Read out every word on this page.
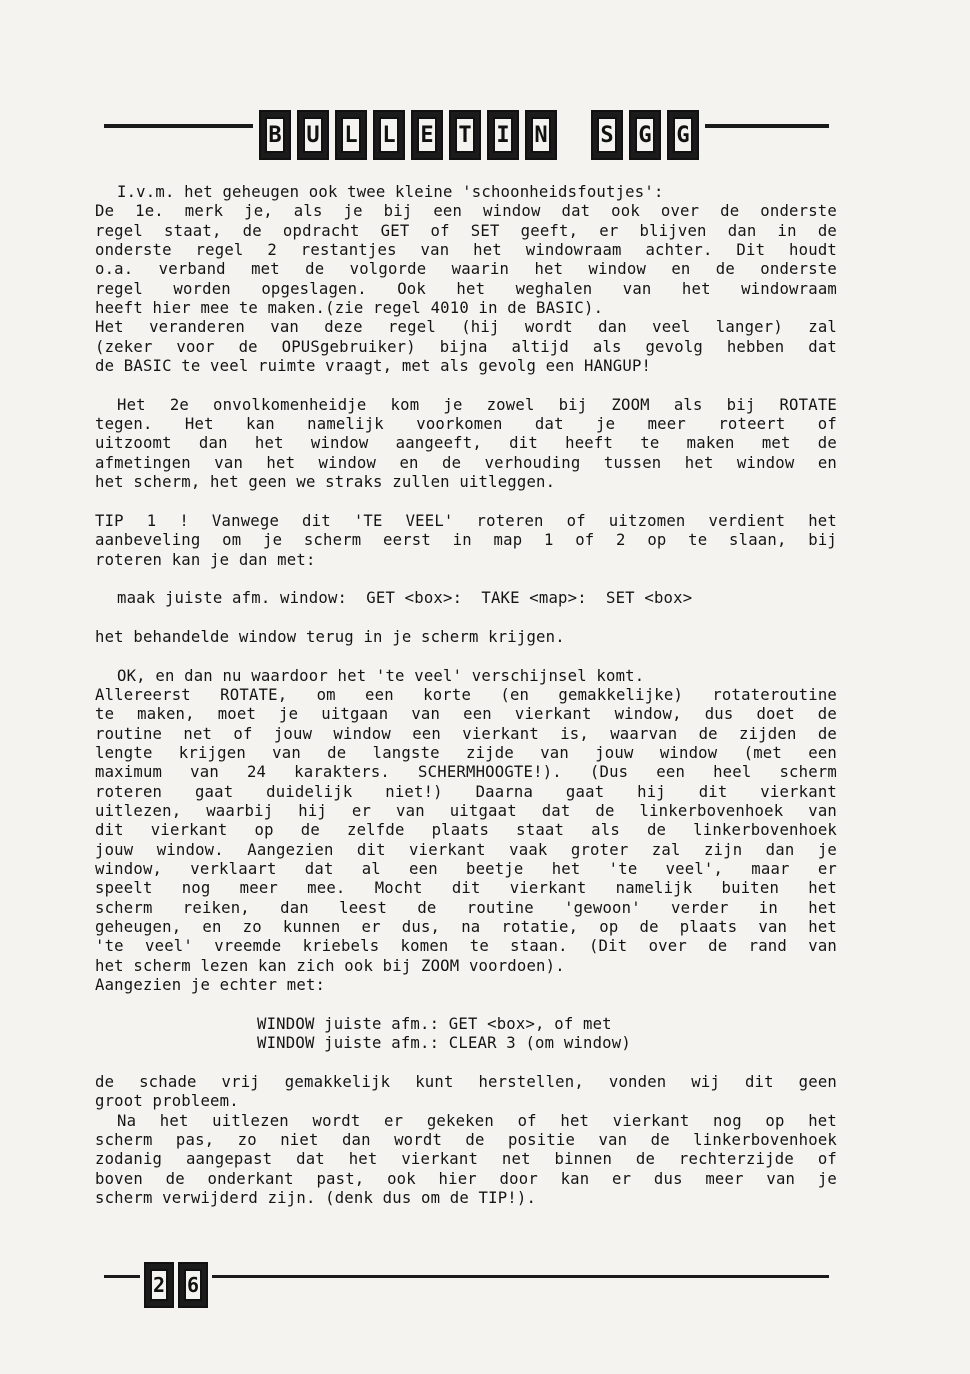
B U L L E T I N S G G
I.v.m. het geheugen ook twee kleine 'schoonheidsfoutjes':
De 1e. merk je, als je bij een window dat ook over de onderste
regel staat, de opdracht GET of SET geeft, er blijven dan in de
onderste regel 2 restantjes van het windowraam achter. Dit houdt
o.a. verband met de volgorde waarin het window en de onderste
regel worden opgeslagen. Ook het weghalen van het windowraam
heeft hier mee te maken.(zie regel 4010 in de BASIC).
Het veranderen van deze regel (hij wordt dan veel langer) zal
(zeker voor de OPUSgebruiker) bijna altijd als gevolg hebben dat
de BASIC te veel ruimte vraagt, met als gevolg een HANGUP!
Het 2e onvolkomenheidje kom je zowel bij ZOOM als bij ROTATE
tegen. Het kan namelijk voorkomen dat je meer roteert of
uitzoomt dan het window aangeeft, dit heeft te maken met de
afmetingen van het window en de verhouding tussen het window en
het scherm, het geen we straks zullen uitleggen.
TIP 1 ! Vanwege dit 'TE VEEL' roteren of uitzomen verdient het
aanbeveling om je scherm eerst in map 1 of 2 op te slaan, bij
roteren kan je dan met:
maak juiste afm. window:  GET <box>:  TAKE <map>:  SET <box>
het behandelde window terug in je scherm krijgen.
OK, en dan nu waardoor het 'te veel' verschijnsel komt.
Allereerst ROTATE, om een korte (en gemakkelijke) rotateroutine
te maken, moet je uitgaan van een vierkant window, dus doet de
routine net of jouw window een vierkant is, waarvan de zijden de
lengte krijgen van de langste zijde van jouw window (met een
maximum van 24 karakters. SCHERMHOOGTE!). (Dus een heel scherm
roteren gaat duidelijk niet!) Daarna gaat hij dit vierkant
uitlezen, waarbij hij er van uitgaat dat de linkerbovenhoek van
dit vierkant op de zelfde plaats staat als de linkerbovenhoek
jouw window. Aangezien dit vierkant vaak groter zal zijn dan je
window, verklaart dat al een beetje het 'te veel', maar er
speelt nog meer mee. Mocht dit vierkant namelijk buiten het
scherm reiken, dan leest de routine 'gewoon' verder in het
geheugen, en zo kunnen er dus, na rotatie, op de plaats van het
'te veel' vreemde kriebels komen te staan. (Dit over de rand van
het scherm lezen kan zich ook bij ZOOM voordoen).
Aangezien je echter met:
WINDOW juiste afm.: GET <box>, of met
WINDOW juiste afm.: CLEAR 3 (om window)
de schade vrij gemakkelijk kunt herstellen, vonden wij dit geen
groot probleem.
Na het uitlezen wordt er gekeken of het vierkant nog op het
scherm pas, zo niet dan wordt de positie van de linkerbovenhoek
zodanig aangepast dat het vierkant net binnen de rechterzijde of
boven de onderkant past, ook hier door kan er dus meer van je
scherm verwijderd zijn. (denk dus om de TIP!).
2 6
